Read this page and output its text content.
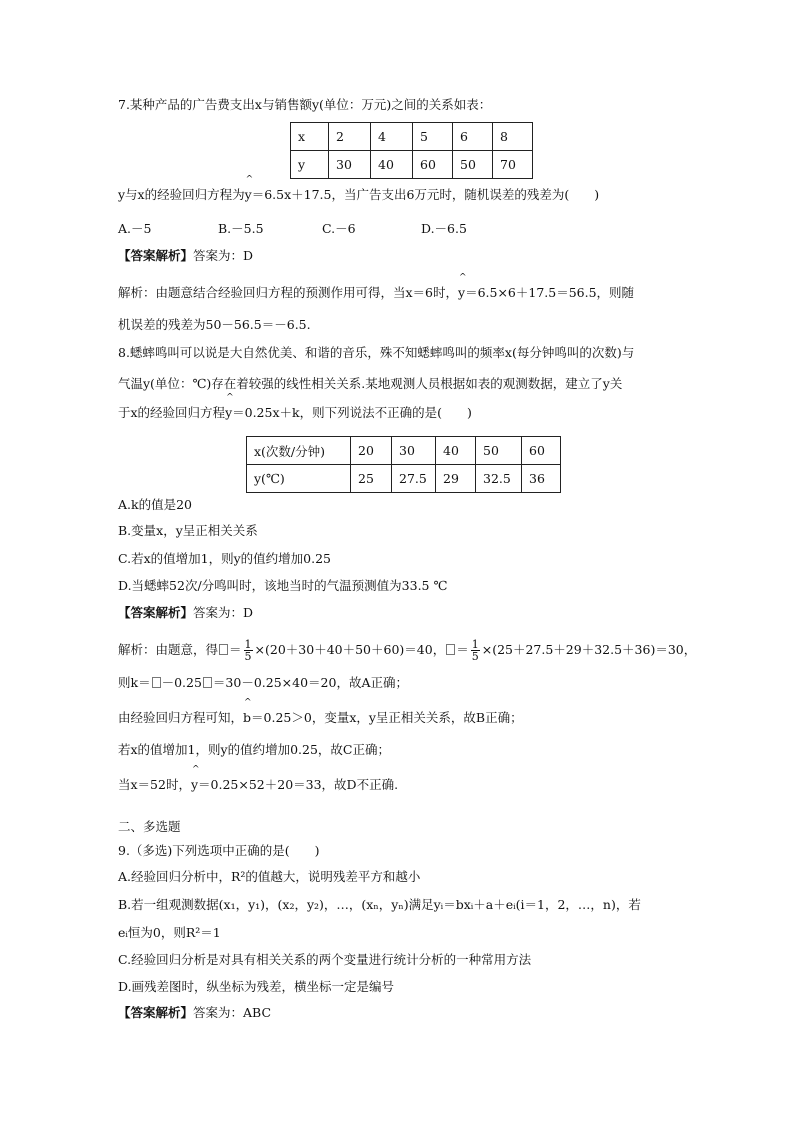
7.某种产品的广告费支出x与销售额y(单位：万元)之间的关系如表：
x	2	4	5	6	8
y	30	40	60	50	70
y与x的经验回归方程为^ y＝6.5x＋17.5，当广告支出6万元时，随机误差的残差为(　　)
A.－5	B.－5.5	C.－6	D.－6.5
【答案解析】答案为：D
解析：由题意结合经验回归方程的预测作用可得，当x＝6时，^ y＝6.5×6＋17.5＝56.5，则随
机误差的残差为50－56.5＝－6.5.
8.蟋蟀鸣叫可以说是大自然优美、和谐的音乐，殊不知蟋蟀鸣叫的频率x(每分钟鸣叫的次数)与
气温y(单位：℃)存在着较强的线性相关关系.某地观测人员根据如表的观测数据，建立了y关
于x的经验回归方程^ y＝0.25x＋k，则下列说法不正确的是(　　)
x(次数/分钟)	20	30	40	50	60
y(℃)	25	27.5	29	32.5	36
A.k的值是20
B.变量x，y呈正相关关系
C.若x的值增加1，则y的值约增加0.25
D.当蟋蟀52次/分鸣叫时，该地当时的气温预测值为33.5 ℃
【答案解析】答案为：D
解析：由题意，得 ＝ $\frac{1}{5} \times(20+30+40+50+60)=40$， ＝ $\frac{1}{5} \times(25+27.5+29+32.5+36)=30$，
则k＝ －0.25 ＝30－0.25×40＝20，故A正确；
由经验回归方程可知，^ b＝0.25＞0，变量x，y呈正相关关系，故B正确；
若x的值增加1，则y的值约增加0.25，故C正确；
当x＝52时，^ y＝0.25×52＋20＝33，故D不正确.
二、多选题
9.（多选)下列选项中正确的是(　　)
A.经验回归分析中，R²的值越大，说明残差平方和越小
B.若一组观测数据(x₁，y₁)，(x₂，y₂)，…，(xₙ，yₙ)满足yᵢ＝bxᵢ＋a＋eᵢ(i＝1，2，…，n)，若
eᵢ恒为0，则R²＝1
C.经验回归分析是对具有相关关系的两个变量进行统计分析的一种常用方法
D.画残差图时，纵坐标为残差，横坐标一定是编号
【答案解析】答案为：ABC
